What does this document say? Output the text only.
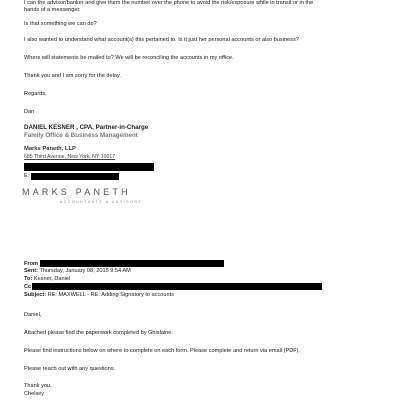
I can the advisor/banker and give them the number over the phone to avoid the risk/exposure while in transit or in the
hands of a messenger.
Is that something we can do?
I also wanted to understand what account(s) this pertained to. Is it just her personal accounts or also business?
Where will statements be mailed to? We will be reconciling the accounts in my office.
Thank you and I am sorry for the delay.
Regards,
Dan
DANIEL KESNER , CPA, Partner-in-Charge
Family Office & Business Management
Marks Paneth, LLP
685 Third Avenue, New York, NY 10017
E:
MARKS PANETH
ACCOUNTANTS & ADVISORS
From
Sent: Thursday, January 08, 2015 9:54 AM
To: Kesner, Daniel
Cc
Subject: RE: MAXWELL - RE: Adding Signatory to accounts
Daniel,
Attached please find the paperwork completed by Ghislaine.
Please find instructions below on where to complete on each form. Please complete and return via email (PDF).
Please reach out with any questions.
Thank you,
Chelsey
